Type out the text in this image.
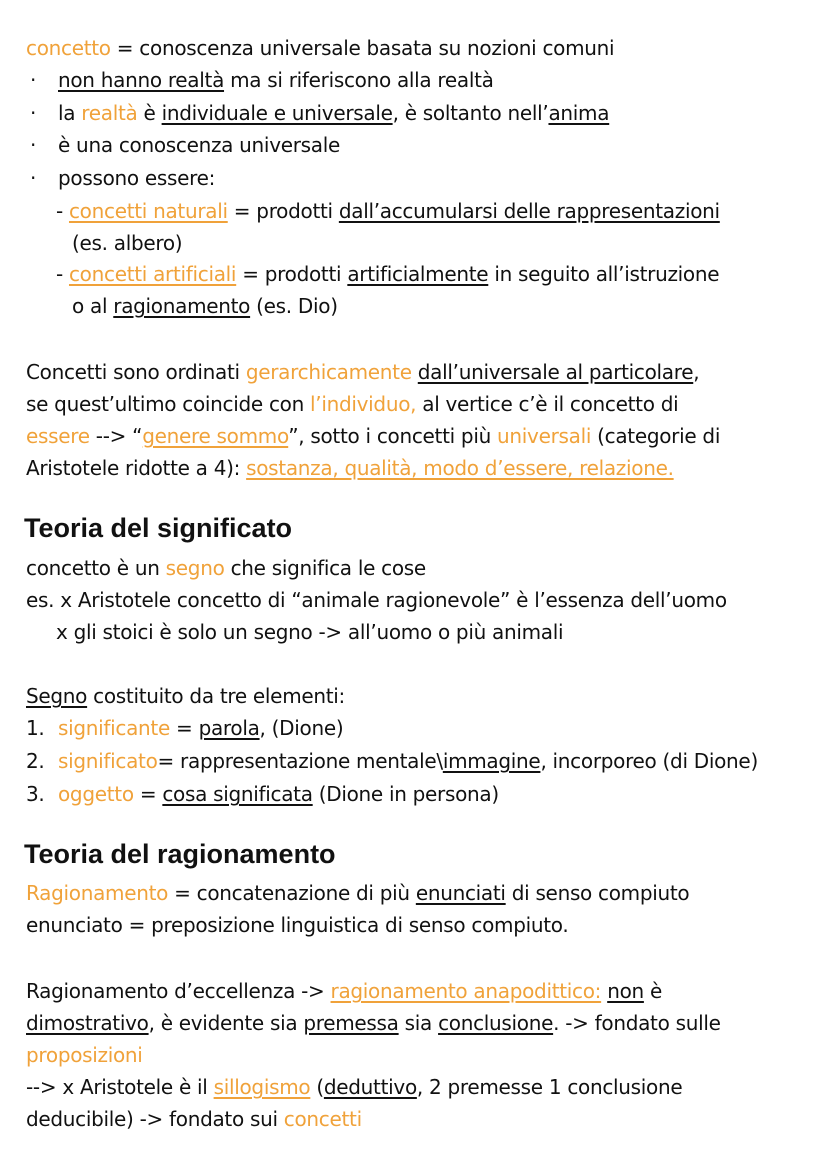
concetto = conoscenza universale basata su nozioni comuni
·	non hanno realtà ma si riferiscono alla realtà
·	la realtà è individuale e universale, è soltanto nell’anima
·	è una conoscenza universale
·	possono essere:
- concetti naturali = prodotti dall’accumularsi delle rappresentazioni
(es. albero)
- concetti artificiali = prodotti artificialmente in seguito all’istruzione
o al ragionamento (es. Dio)
Concetti sono ordinati gerarchicamente dall’universale al particolare,
se quest’ultimo coincide con l’individuo, al vertice c’è il concetto di
essere --> “genere sommo”, sotto i concetti più universali (categorie di
Aristotele ridotte a 4): sostanza, qualità, modo d’essere, relazione.
Teoria del significato
concetto è un segno che significa le cose
es. x Aristotele concetto di “animale ragionevole” è l’essenza dell’uomo
x gli stoici è solo un segno -> all’uomo o più animali
Segno costituito da tre elementi:
1. significante = parola, (Dione)
2. significato= rappresentazione mentale\immagine, incorporeo (di Dione)
3. oggetto = cosa significata (Dione in persona)
Teoria del ragionamento
Ragionamento = concatenazione di più enunciati di senso compiuto
enunciato = preposizione linguistica di senso compiuto.
Ragionamento d’eccellenza -> ragionamento anapodittico: non è
dimostrativo, è evidente sia premessa sia conclusione. -> fondato sulle
proposizioni
--> x Aristotele è il sillogismo (deduttivo, 2 premesse 1 conclusione
deducibile) -> fondato sui concetti
